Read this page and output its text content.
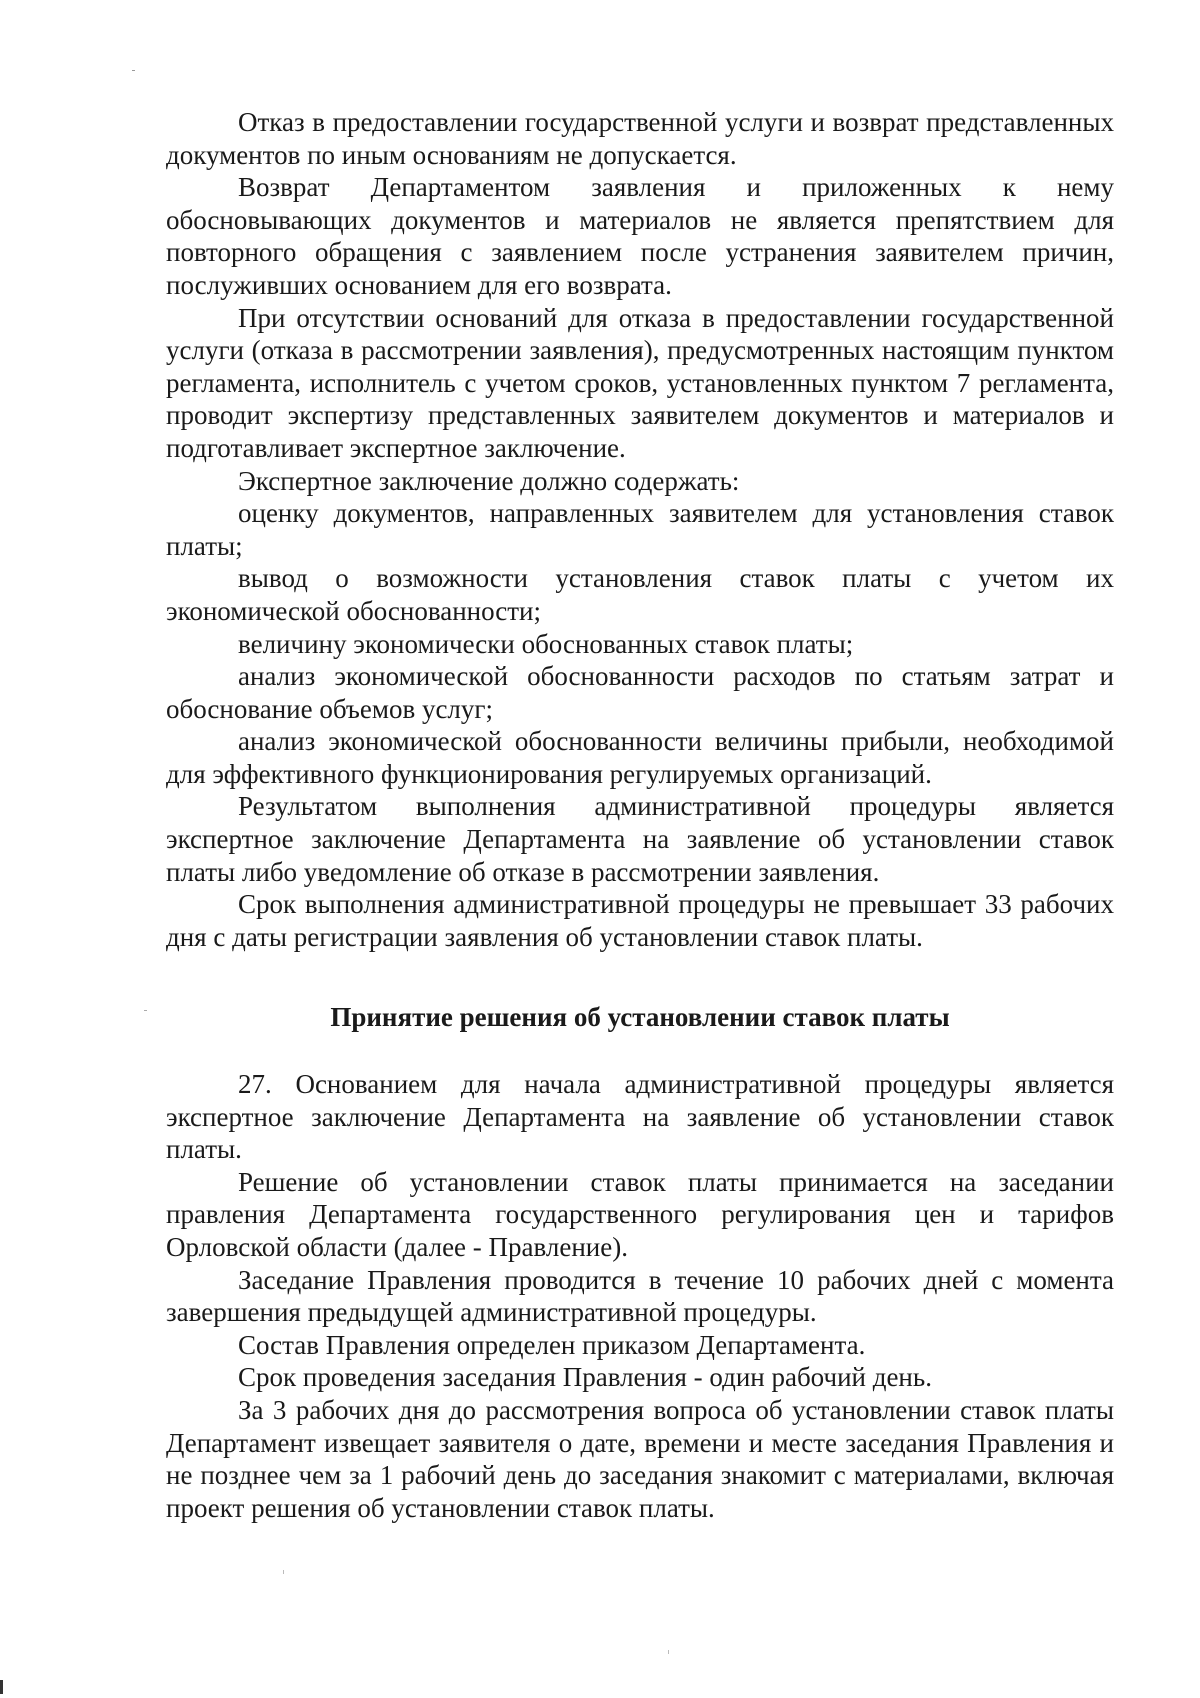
Отказ в предоставлении государственной услуги и возврат представленных документов по иным основаниям не допускается.

Возврат Департаментом заявления и приложенных к нему обосновывающих документов и материалов не является препятствием для повторного обращения с заявлением после устранения заявителем причин, послуживших основанием для его возврата.

При отсутствии оснований для отказа в предоставлении государственной услуги (отказа в рассмотрении заявления), предусмотренных настоящим пунктом регламента, исполнитель с учетом сроков, установленных пунктом 7 регламента, проводит экспертизу представленных заявителем документов и материалов и подготавливает экспертное заключение.

Экспертное заключение должно содержать:

оценку документов, направленных заявителем для установления ставок платы;

вывод о возможности установления ставок платы с учетом их экономической обоснованности;

величину экономически обоснованных ставок платы;

анализ экономической обоснованности расходов по статьям затрат и обоснование объемов услуг;

анализ экономической обоснованности величины прибыли, необходимой для эффективного функционирования регулируемых организаций.

Результатом выполнения административной процедуры является экспертное заключение Департамента на заявление об установлении ставок платы либо уведомление об отказе в рассмотрении заявления.

Срок выполнения административной процедуры не превышает 33 рабочих дня с даты регистрации заявления об установлении ставок платы.

Принятие решения об установлении ставок платы

27. Основанием для начала административной процедуры является экспертное заключение Департамента на заявление об установлении ставок платы.

Решение об установлении ставок платы принимается на заседании правления Департамента государственного регулирования цен и тарифов Орловской области (далее - Правление).

Заседание Правления проводится в течение 10 рабочих дней с момента завершения предыдущей административной процедуры.

Состав Правления определен приказом Департамента.

Срок проведения заседания Правления - один рабочий день.

За 3 рабочих дня до рассмотрения вопроса об установлении ставок платы Департамент извещает заявителя о дате, времени и месте заседания Правления и не позднее чем за 1 рабочий день до заседания знакомит с материалами, включая проект решения об установлении ставок платы.
